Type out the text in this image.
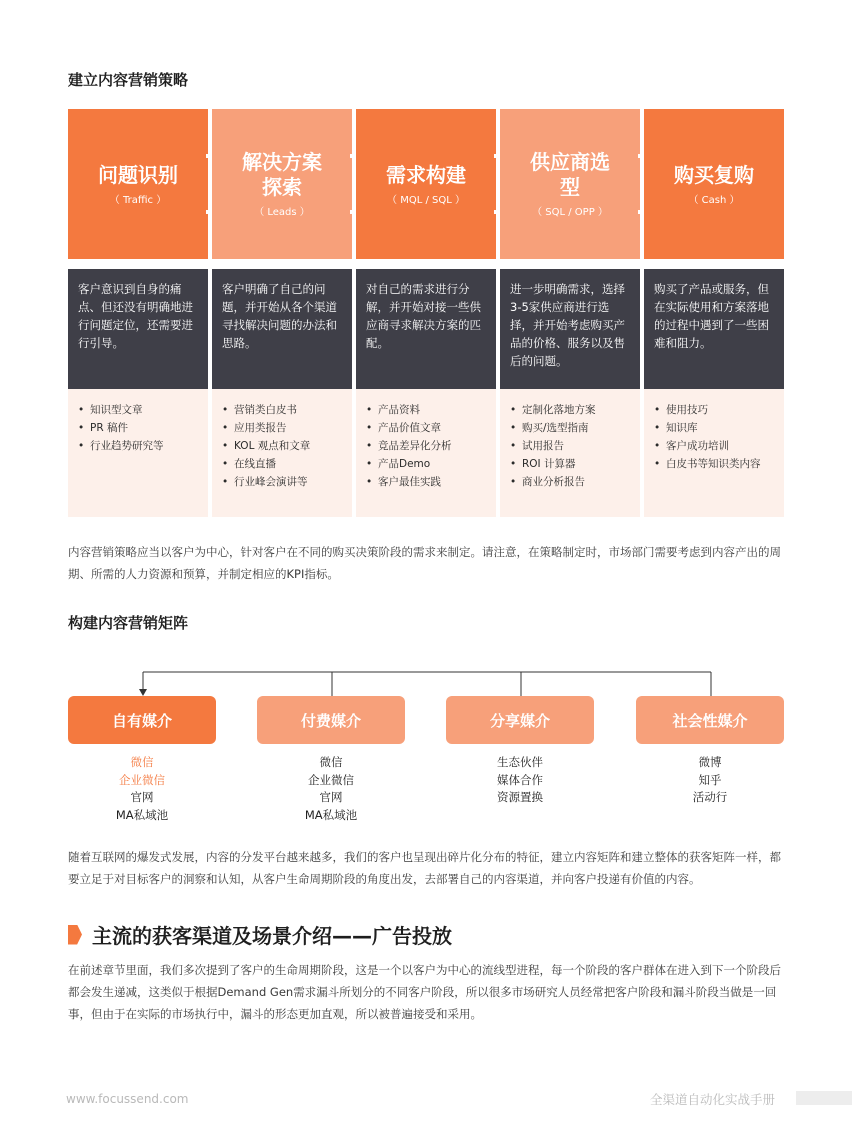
建立内容营销策略
问题识别
（ Traffic ）
客户意识到自身的痛点、但还没有明确地进行问题定位，还需要进行引导。
• 知识型文章
• PR 稿件
• 行业趋势研究等
解决方案探索
（ Leads ）
客户明确了自己的问题，并开始从各个渠道寻找解决问题的办法和思路。
• 营销类白皮书
• 应用类报告
• KOL 观点和文章
• 在线直播
• 行业峰会演讲等
需求构建
（ MQL / SQL ）
对自己的需求进行分解，并开始对接一些供应商寻求解决方案的匹配。
• 产品资料
• 产品价值文章
• 竞品差异化分析
• 产品Demo
• 客户最佳实践
供应商选型
（ SQL / OPP ）
进一步明确需求，选择3-5家供应商进行选择，并开始考虑购买产品的价格、服务以及售后的问题。
• 定制化落地方案
• 购买/选型指南
• 试用报告
• ROI 计算器
• 商业分析报告
购买复购
（ Cash ）
购买了产品或服务，但在实际使用和方案落地的过程中遇到了一些困难和阻力。
• 使用技巧
• 知识库
• 客户成功培训
• 白皮书等知识类内容
内容营销策略应当以客户为中心，针对客户在不同的购买决策阶段的需求来制定。请注意，在策略制定时，市场部门需要考虑到内容产出的周期、所需的人力资源和预算，并制定相应的KPI指标。
构建内容营销矩阵
自有媒介
微信
企业微信
官网
MA私域池
付费媒介
微信
企业微信
官网
MA私域池
分享媒介
生态伙伴
媒体合作
资源置换
社会性媒介
微博
知乎
活动行
随着互联网的爆发式发展，内容的分发平台越来越多，我们的客户也呈现出碎片化分布的特征，建立内容矩阵和建立整体的获客矩阵一样，都要立足于对目标客户的洞察和认知，从客户生命周期阶段的角度出发，去部署自己的内容渠道，并向客户投递有价值的内容。
主流的获客渠道及场景介绍——广告投放
在前述章节里面，我们多次提到了客户的生命周期阶段，这是一个以客户为中心的流线型进程，每一个阶段的客户群体在进入到下一个阶段后都会发生递减，这类似于根据Demand Gen需求漏斗所划分的不同客户阶段，所以很多市场研究人员经常把客户阶段和漏斗阶段当做是一回事，但由于在实际的市场执行中，漏斗的形态更加直观，所以被普遍接受和采用。
www.focussend.com	全渠道自动化实战手册
